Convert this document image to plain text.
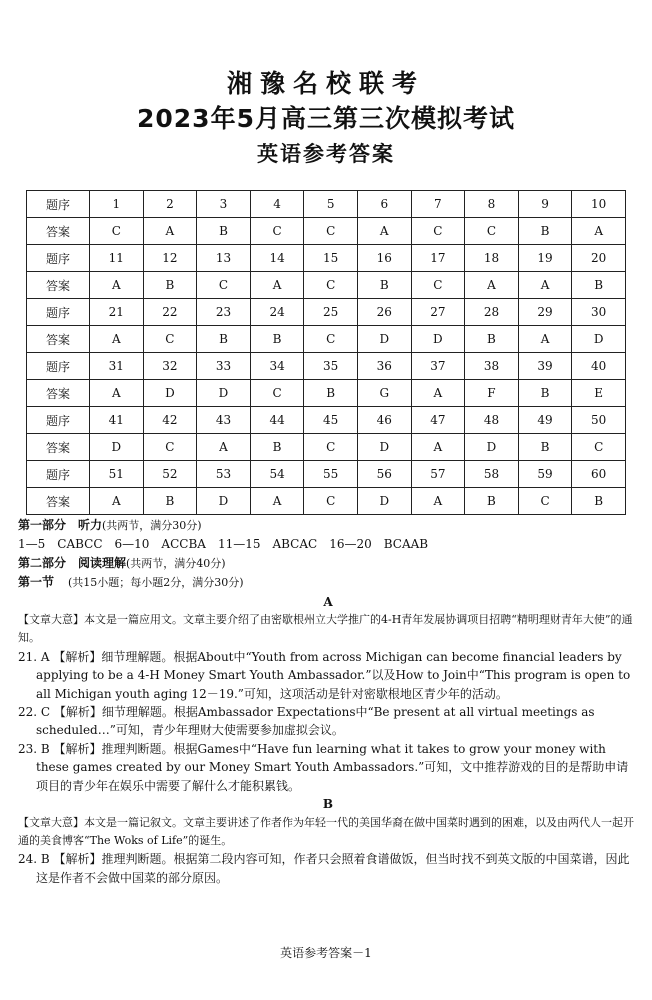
湘豫名校联考
2023年5月高三第三次模拟考试
英语参考答案
题序	1	2	3	4	5	6	7	8	9	10
答案	C	A	B	C	C	A	C	C	B	A
题序	11	12	13	14	15	16	17	18	19	20
答案	A	B	C	A	C	B	C	A	A	B
题序	21	22	23	24	25	26	27	28	29	30
答案	A	C	B	B	C	D	D	B	A	D
题序	31	32	33	34	35	36	37	38	39	40
答案	A	D	D	C	B	G	A	F	B	E
题序	41	42	43	44	45	46	47	48	49	50
答案	D	C	A	B	C	D	A	D	B	C
题序	51	52	53	54	55	56	57	58	59	60
答案	A	B	D	A	C	D	A	B	C	B

第一部分　听力(共两节，满分30分)

1—5　CABCC　6—10　ACCBA　11—15　ABCAC　16—20　BCAAB

第二部分　阅读理解(共两节，满分40分)

第一节 (共15小题；每小题2分，满分30分)

A

【文章大意】本文是一篇应用文。文章主要介绍了由密歇根州立大学推广的4-H青年发展协调项目招聘“精明理财青年大使”的通知。

21. A 【解析】细节理解题。根据About中“Youth from across Michigan can become financial leaders by applying to be a 4-H Money Smart Youth Ambassador.”以及How to Join中“This program is open to all Michigan youth aging 12－19.”可知，这项活动是针对密歇根地区青少年的活动。

22. C 【解析】细节理解题。根据Ambassador Expectations中“Be present at all virtual meetings as scheduled…”可知，青少年理财大使需要参加虚拟会议。

23. B 【解析】推理判断题。根据Games中“Have fun learning what it takes to grow your money with these games created by our Money Smart Youth Ambassadors.”可知，文中推荐游戏的目的是帮助申请项目的青少年在娱乐中需要了解什么才能积累钱。

B

【文章大意】本文是一篇记叙文。文章主要讲述了作者作为年轻一代的美国华裔在做中国菜时遇到的困难，以及由两代人一起开通的美食博客“The Woks of Life”的诞生。

24. B 【解析】推理判断题。根据第二段内容可知，作者只会照着食谱做饭，但当时找不到英文版的中国菜谱，因此这是作者不会做中国菜的部分原因。

英语参考答案－1
